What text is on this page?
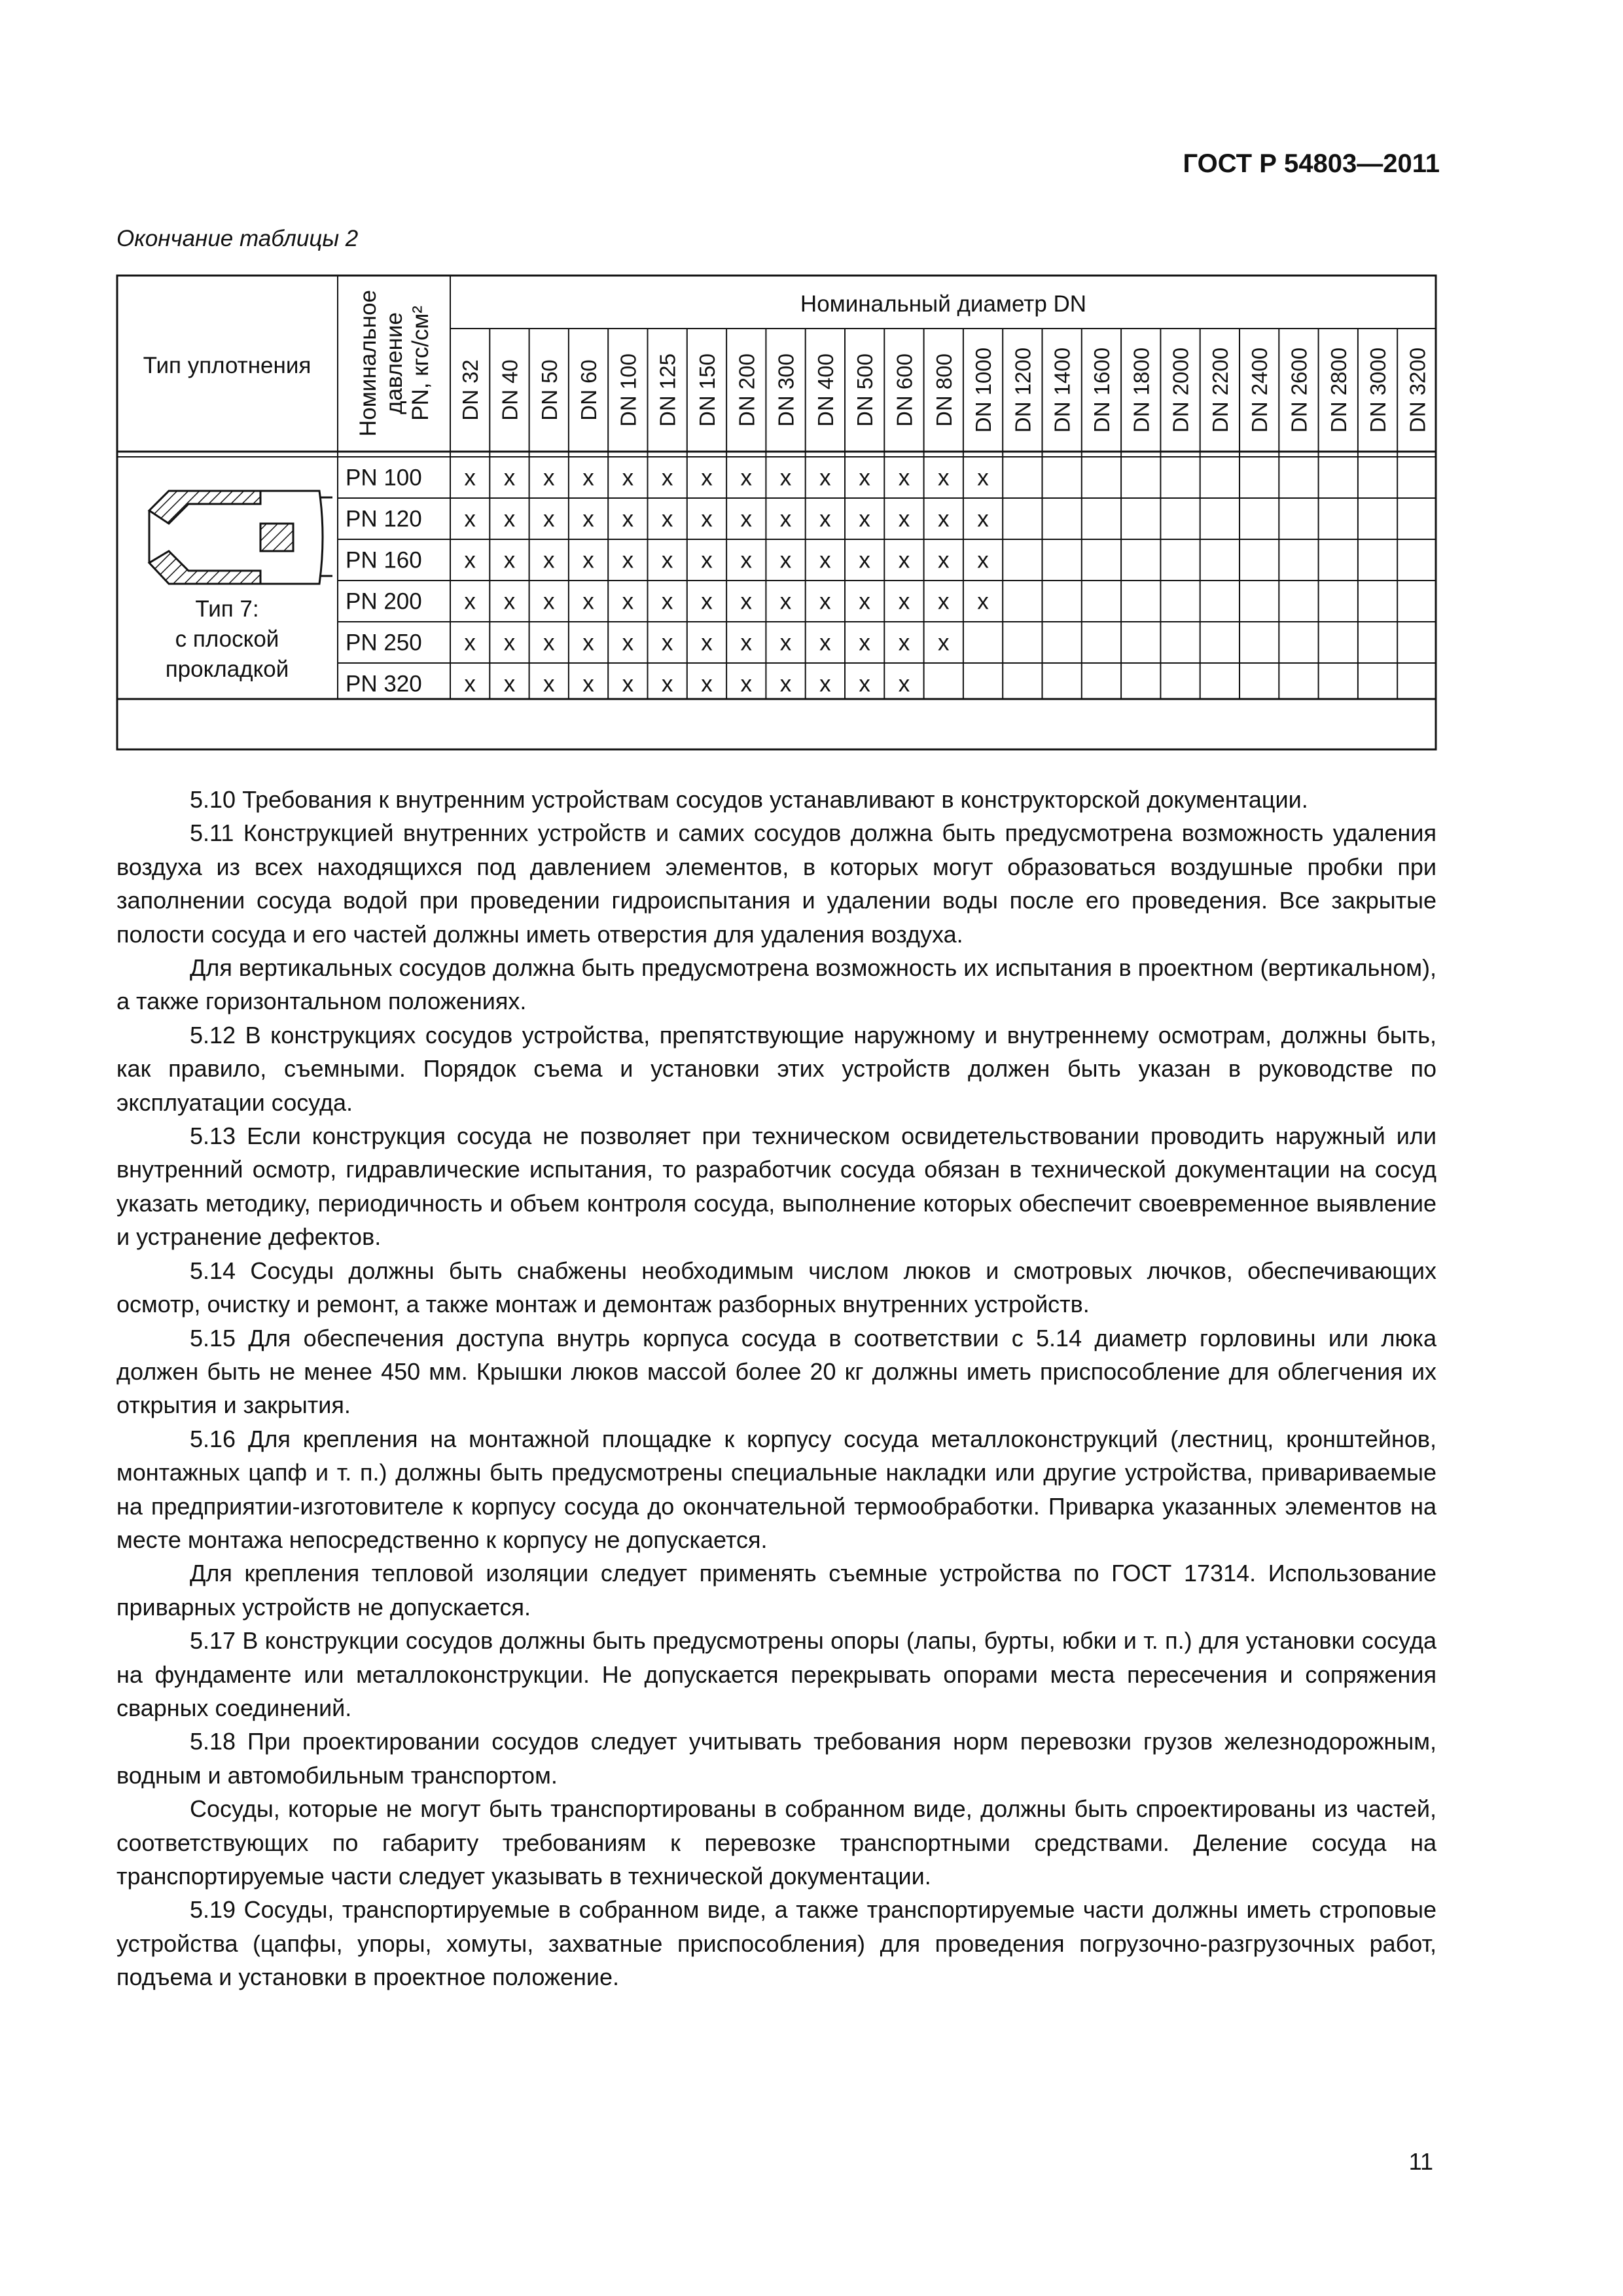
ГОСТ Р 54803—2011
Окончание таблицы 2
Тип уплотнения Номинальное давление PN, кгс/см²
Номинальный диаметр DN
DN 32 DN 40 DN 50 DN 60 DN 100 DN 125 DN 150 DN 200 DN 300 DN 400 DN 500 DN 600 DN 800 DN 1000 DN 1200 DN 1400 DN 1600 DN 1800 DN 2000 DN 2200 DN 2400 DN 2600 DN 2800 DN 3000 DN 3200
PN 100 x x x x x x x x x x x x x x
PN 120 x x x x x x x x x x x x x x
PN 160 x x x x x x x x x x x x x x
PN 200 x x x x x x x x x x x x x x
PN 250 x x x x x x x x x x x x x
PN 320 x x x x x x x x x x x x
Тип 7:
с плоской
прокладкой

5.10 Требования к внутренним устройствам сосудов устанавливают в конструкторской документации.

5.11 Конструкцией внутренних устройств и самих сосудов должна быть предусмотрена возможность удаления воздуха из всех находящихся под давлением элементов, в которых могут образоваться воздушные пробки при заполнении сосуда водой при проведении гидроиспытания и удалении воды после его проведения. Все закрытые полости сосуда и его частей должны иметь отверстия для удаления воздуха.

Для вертикальных сосудов должна быть предусмотрена возможность их испытания в проектном (вертикальном), а также горизонтальном положениях.

5.12 В конструкциях сосудов устройства, препятствующие наружному и внутреннему осмотрам, должны быть, как правило, съемными. Порядок съема и установки этих устройств должен быть указан в руководстве по эксплуатации сосуда.

5.13 Если конструкция сосуда не позволяет при техническом освидетельствовании проводить наружный или внутренний осмотр, гидравлические испытания, то разработчик сосуда обязан в технической документации на сосуд указать методику, периодичность и объем контроля сосуда, выполнение которых обеспечит своевременное выявление и устранение дефектов.

5.14 Сосуды должны быть снабжены необходимым числом люков и смотровых лючков, обеспечивающих осмотр, очистку и ремонт, а также монтаж и демонтаж разборных внутренних устройств.

5.15 Для обеспечения доступа внутрь корпуса сосуда в соответствии с 5.14 диаметр горловины или люка должен быть не менее 450 мм. Крышки люков массой более 20 кг должны иметь приспособление для облегчения их открытия и закрытия.

5.16 Для крепления на монтажной площадке к корпусу сосуда металлоконструкций (лестниц, кронштейнов, монтажных цапф и т. п.) должны быть предусмотрены специальные накладки или другие устройства, привариваемые на предприятии-изготовителе к корпусу сосуда до окончательной термообработки. Приварка указанных элементов на месте монтажа непосредственно к корпусу не допускается.

Для крепления тепловой изоляции следует применять съемные устройства по ГОСТ 17314. Использование приварных устройств не допускается.

5.17 В конструкции сосудов должны быть предусмотрены опоры (лапы, бурты, юбки и т. п.) для установки сосуда на фундаменте или металлоконструкции. Не допускается перекрывать опорами места пересечения и сопряжения сварных соединений.

5.18 При проектировании сосудов следует учитывать требования норм перевозки грузов железнодорожным, водным и автомобильным транспортом.

Сосуды, которые не могут быть транспортированы в собранном виде, должны быть спроектированы из частей, соответствующих по габариту требованиям к перевозке транспортными средствами. Деление сосуда на транспортируемые части следует указывать в технической документации.

5.19 Сосуды, транспортируемые в собранном виде, а также транспортируемые части должны иметь строповые устройства (цапфы, упоры, хомуты, захватные приспособления) для проведения погрузочно-разгрузочных работ, подъема и установки в проектное положение.

11
